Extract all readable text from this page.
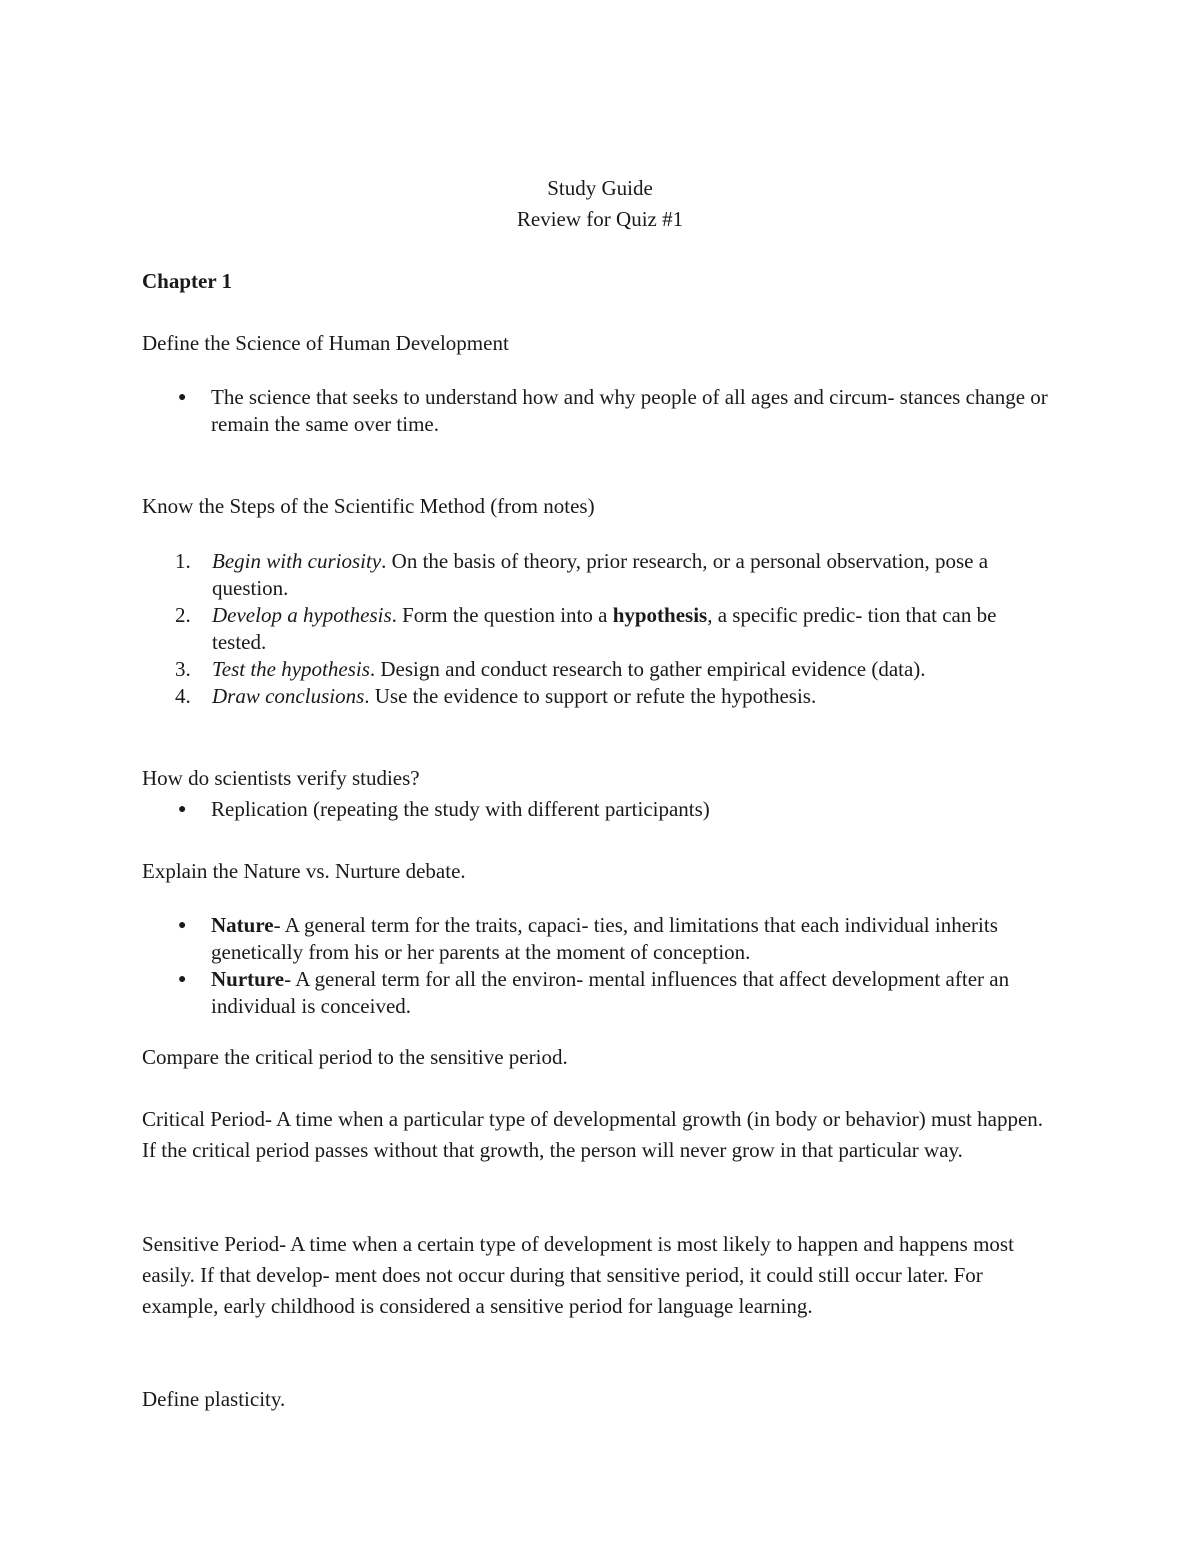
Study Guide
Review for Quiz #1
Chapter 1
Define the Science of Human Development
●	The science that seeks to understand how and why people of all ages and circum- stances change or remain the same over time.
Know the Steps of the Scientific Method (from notes)
1.	Begin with curiosity. On the basis of theory, prior research, or a personal observation, pose a question.
2.	Develop a hypothesis. Form the question into a hypothesis, a specific predic- tion that can be tested.
3.	Test the hypothesis. Design and conduct research to gather empirical evidence (data).
4.	Draw conclusions. Use the evidence to support or refute the hypothesis.
How do scientists verify studies?
●	Replication (repeating the study with different participants)
Explain the Nature vs. Nurture debate.
●	Nature- A general term for the traits, capaci- ties, and limitations that each individual inherits genetically from his or her parents at the moment of conception.
●	Nurture- A general term for all the environ- mental influences that affect development after an individual is conceived.
Compare the critical period to the sensitive period.
Critical Period- A time when a particular type of developmental growth (in body or behavior) must happen. If the critical period passes without that growth, the person will never grow in that particular way.
Sensitive Period- A time when a certain type of development is most likely to happen and happens most easily. If that develop- ment does not occur during that sensitive period, it could still occur later. For example, early childhood is considered a sensitive period for language learning.
Define plasticity.
